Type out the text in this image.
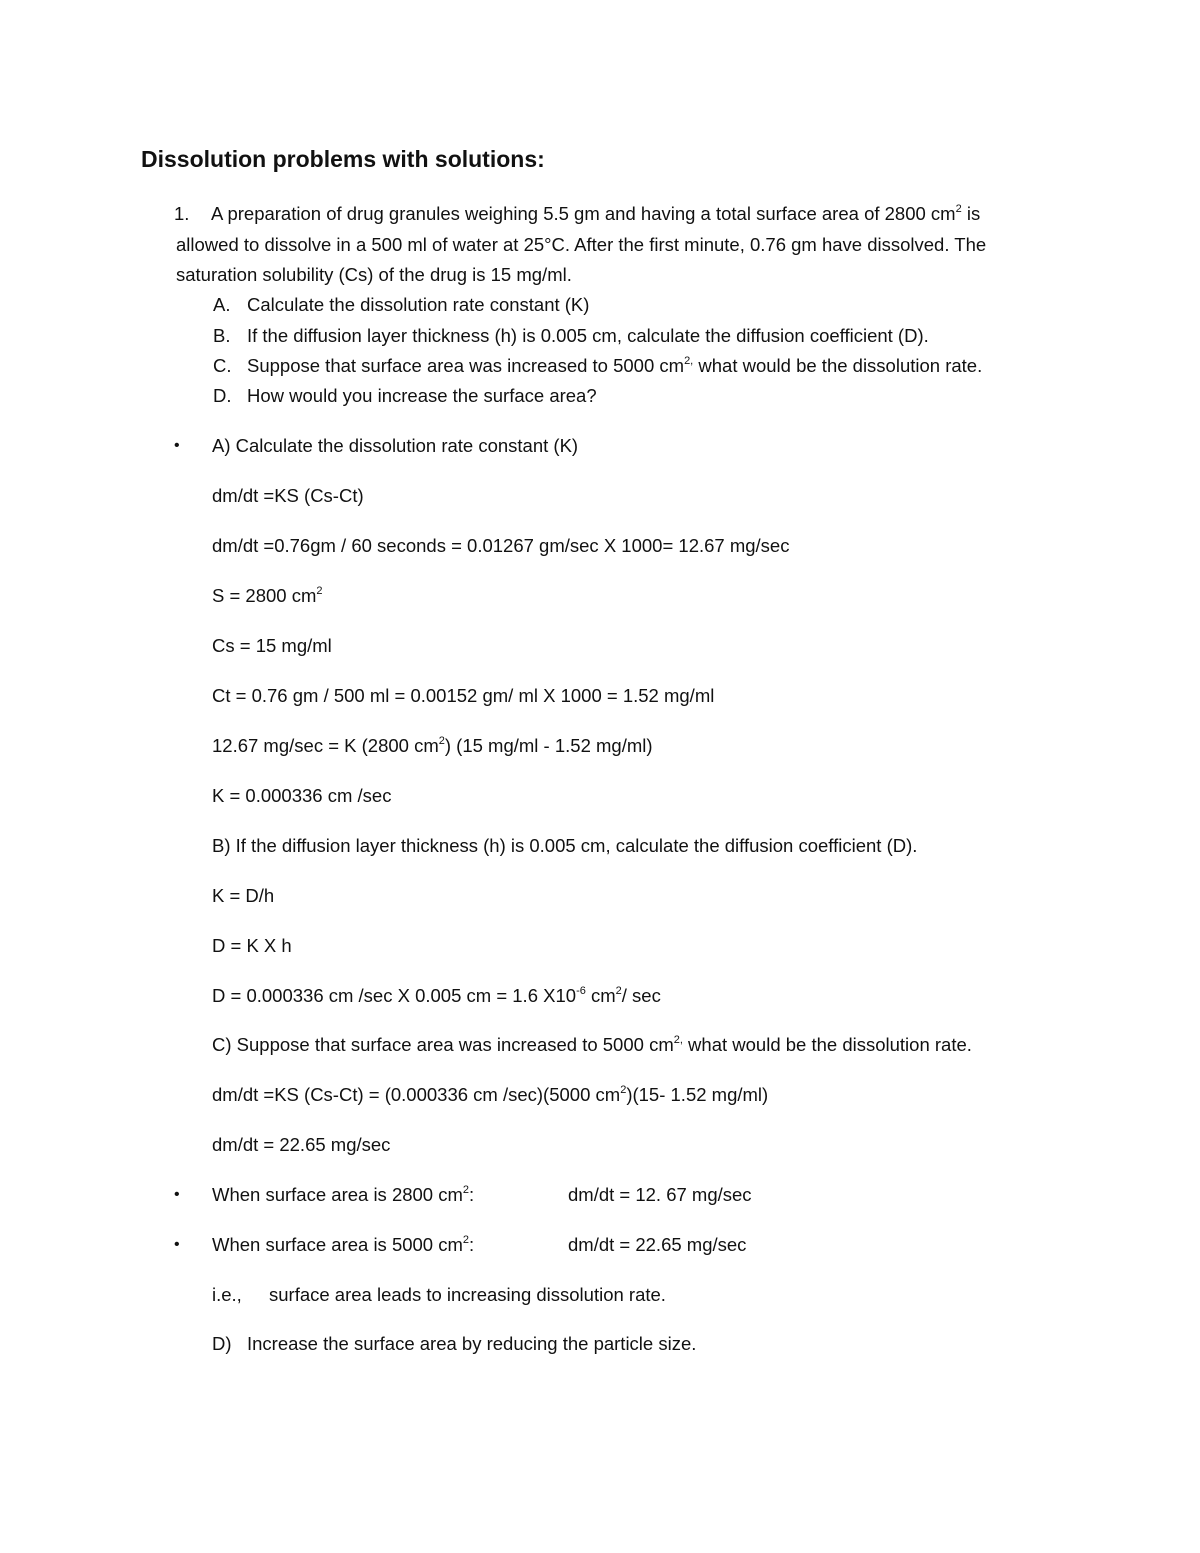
Dissolution problems with solutions:
1. A preparation of drug granules weighing 5.5 gm and having a total surface area of 2800 $cm^2$ is
allowed to dissolve in a 500 ml of water at 25°C. After the first minute, 0.76 gm have dissolved. The
saturation solubility (Cs) of the drug is 15 mg/ml.
A. Calculate the dissolution rate constant (K)
B. If the diffusion layer thickness (h) is 0.005 cm, calculate the diffusion coefficient (D).
C. Suppose that surface area was increased to 5000 $cm^{2,}$ what would be the dissolution rate.
D. How would you increase the surface area?
• A) Calculate the dissolution rate constant (K)
dm/dt =KS (Cs-Ct)
dm/dt =0.76gm / 60 seconds = 0.01267 gm/sec X 1000= 12.67 mg/sec
S = 2800 $cm^2$
Cs = 15 mg/ml
Ct = 0.76 gm / 500 ml = 0.00152 gm/ ml X 1000 = 1.52 mg/ml
12.67 mg/sec = K (2800 $cm^2$) (15 mg/ml - 1.52 mg/ml)
K = 0.000336 cm /sec
B) If the diffusion layer thickness (h) is 0.005 cm, calculate the diffusion coefficient (D).
K = D/h
D = K X h
D = 0.000336 cm /sec X 0.005 cm = 1.6 $X10^{-6}$ $cm^2/$ sec
C) Suppose that surface area was increased to 5000 $cm^{2,}$ what would be the dissolution rate.
dm/dt =KS (Cs-Ct) = (0.000336 cm /sec)(5000 $cm^2)(15-$ 1.52 mg/ml)
dm/dt = 22.65 mg/sec
• When surface area is 2800 $cm^2$:	dm/dt = 12. 67 mg/sec
• When surface area is 5000 $cm^2$:	dm/dt = 22.65 mg/sec
i.e., surface area leads to increasing dissolution rate.
D) Increase the surface area by reducing the particle size.
